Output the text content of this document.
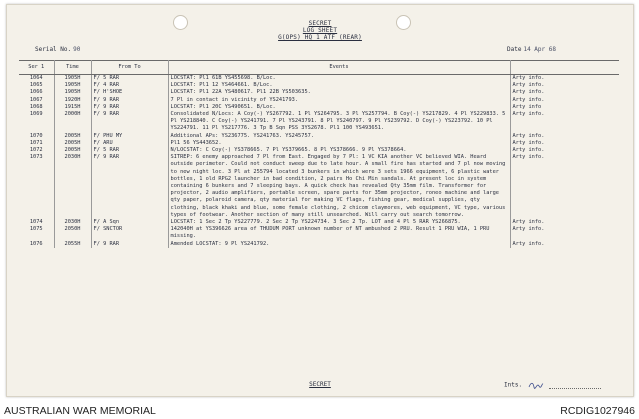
SECRET
LOG SHEET
G(OPS) HQ 1 ATF (REAR)
Serial No. 90	Date 14 Apr 68
Ser 1	Time	From To	Events	
1064	1905H	F/ 5 RAR	LOCSTAT: Pl1 61B YS455698. B/Loc.	Arty info.
1065	1905H	F/ 4 RAR	LOCSTAT: Pl1 12 YS464661. B/Loc.	Arty info.
1066	1905H	F/ H'SHOE	LOCSTAT: Pl1 22A YS480617. Pl1 22B YS503635.	Arty info.
1067	1920H	F/ 9 RAR	7 Pl in contact in vicinity of YS241793.	Arty info.
1068	1915H	F/ 9 RAR	LOCSTAT: Pl1 20C YS490651. B/Loc.	Arty info
1069	2000H	F/ 9 RAR	Consolidated N/Locs: A Coy(-) YS267792. 1 Pl YS264795. 3 Pl YS257794. B Coy(-) YS217829. 4 Pl YS229833. 5 Pl YS218840. C Coy(-) YS241791. 7 Pl YS243791. 8 Pl YS240797. 9 Pl YS239792. D Coy(-) YS223792. 10 Pl YS224791. 11 Pl YS217776. 3 Tp B Sqn PSS 3YS2678. Pl1 100 YS493651.	Arty info.
1070	2005H	F/ PHU MY	Additional APs: YS236775. YS241763. YS245757.	Arty info.
1071	2005H	F/ ARU	Pl1 56 YS443652.	Arty info.
1072	2005H	F/ 5 RAR	N/LOCSTAT: C Coy(-) YS378665. 7 Pl YS379665. 8 Pl YS378666. 9 Pl YS378664.	Arty info.
1073	2030H	F/ 9 RAR	SITREP: 6 enemy approached 7 Pl from East. Engaged by 7 Pl: 1 VC KIA another VC believed WIA. Heard outside perimeter. Could not conduct sweep due to late hour. A small fire has started and 7 pl now moving to new night loc. 3 Pl at 255794 located 3 bunkers in which were 3 sets 1966 equipment, 6 plastic water bottles, 1 old RPG2 launcher in bad condition, 2 pairs Ho Chi Min sandals. At present loc in system containing 6 bunkers and 7 sleeping bays. A quick check has revealed Qty 35mm film. Transformer for projector, 2 audio amplifiers, portable screen, spare parts for 35mm projector, roneo machine and large qty paper, polaroid camera, qty material for making VC flags, fishing gear, medical supplies, qty clothing, black khaki and blue, some female clothing, 2 chicom claymores, web equipment, VC type, various types of footwear. Another section of many still unsearched. Will carry out search tomorrow.	Arty info.
1074	2030H	F/ A Sqn	LOCSTAT: 1 Sec 2 Tp YS227779. 2 Sec 2 Tp YS224734. 3 Sec 2 Tp. LOT and 4 Pl 5 RAR YS266875.	Arty info.
1075	2050H	F/ SNCTOR	142040H at YS396626 area of THUDUM PORT unknown number of NT ambushed 2 PRU. Result 1 PRU WIA, 1 PRU missing.	Arty info.
1076	2055H	F/ 9 RAR	Amended LOCSTAT: 9 Pl YS241792.	Arty info.
SECRET	Ints.
AUSTRALIAN WAR MEMORIAL	RCDIG1027946
